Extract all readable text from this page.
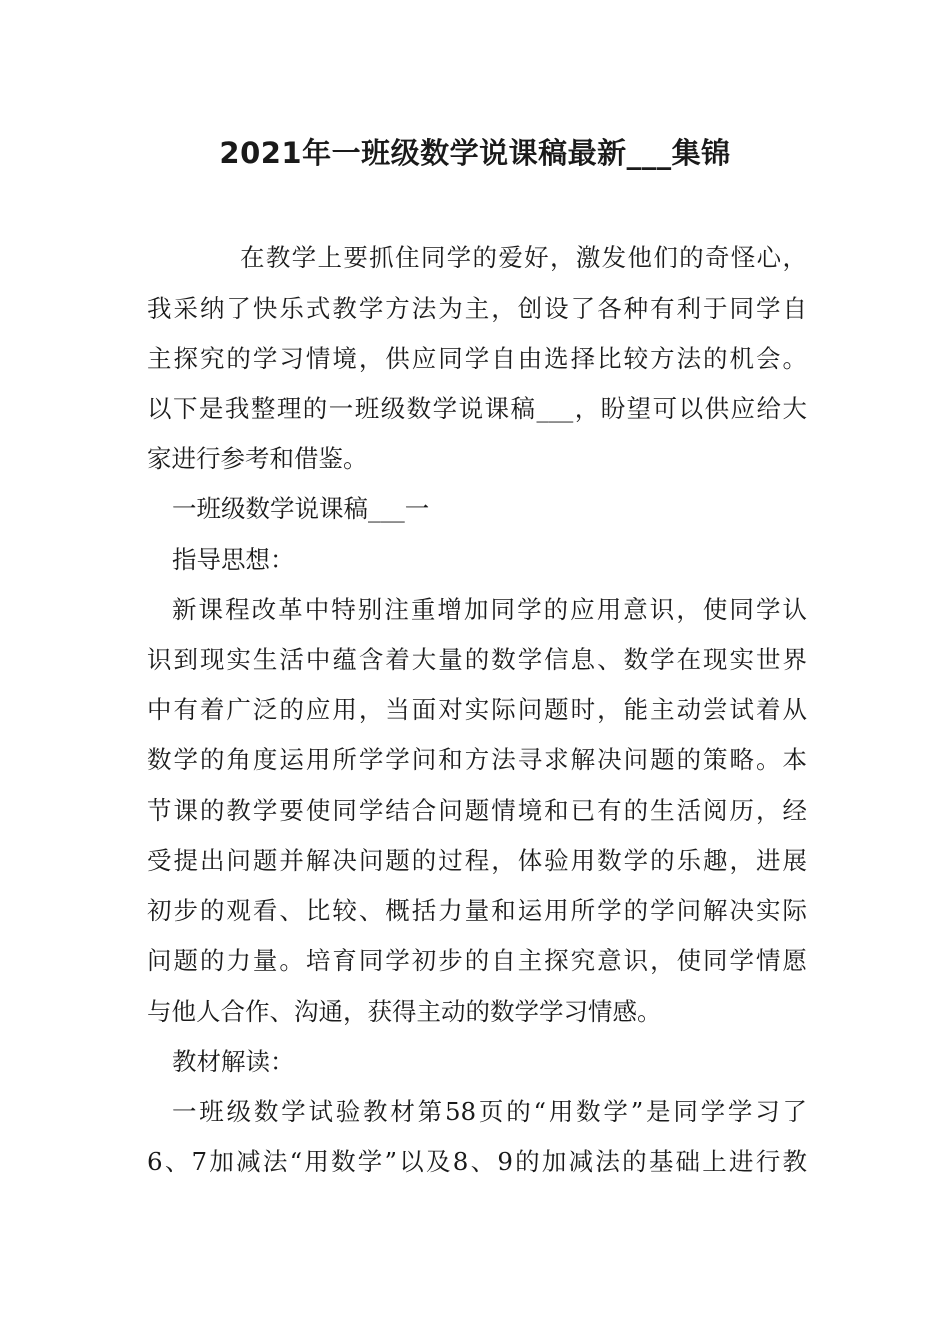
2021年一班级数学说课稿最新___集锦
在教学上要抓住同学的爱好，激发他们的奇怪心，
我采纳了快乐式教学方法为主，创设了各种有利于同学自
主探究的学习情境，供应同学自由选择比较方法的机会。
以下是我整理的一班级数学说课稿___，盼望可以供应给大
家进行参考和借鉴。
一班级数学说课稿___一
指导思想：
新课程改革中特别注重增加同学的应用意识，使同学认
识到现实生活中蕴含着大量的数学信息、数学在现实世界
中有着广泛的应用，当面对实际问题时，能主动尝试着从
数学的角度运用所学学问和方法寻求解决问题的策略。本
节课的教学要使同学结合问题情境和已有的生活阅历，经
受提出问题并解决问题的过程，体验用数学的乐趣，进展
初步的观看、比较、概括力量和运用所学的学问解决实际
问题的力量。培育同学初步的自主探究意识，使同学情愿
与他人合作、沟通，获得主动的数学学习情感。
教材解读：
一班级数学试验教材第58页的“用数学”是同学学习了
6、7加减法“用数学”以及8、9的加减法的基础上进行教
